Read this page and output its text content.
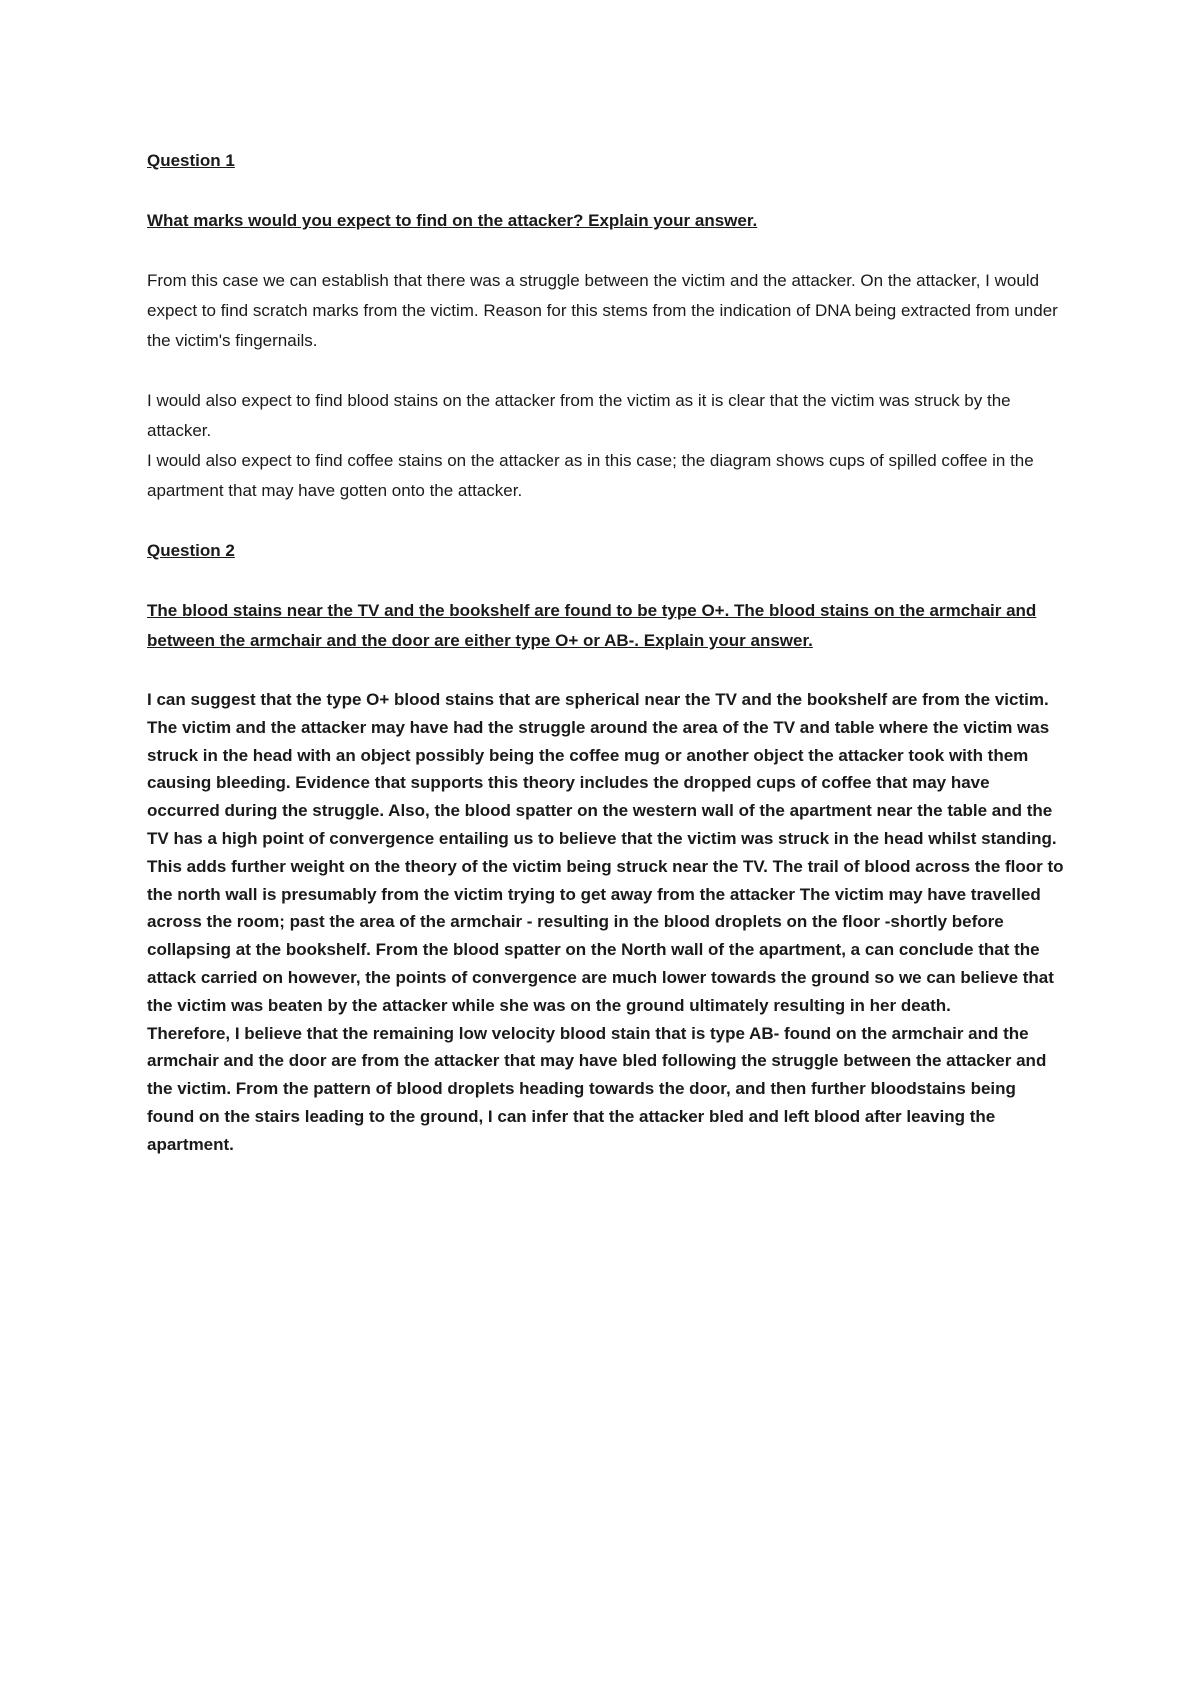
Question 1

What marks would you expect to find on the attacker? Explain your answer.

From this case we can establish that there was a struggle between the victim and the attacker. On the attacker, I would expect to find scratch marks from the victim. Reason for this stems from the indication of DNA being extracted from under the victim's fingernails.

I would also expect to find blood stains on the attacker from the victim as it is clear that the victim was struck by the attacker.

I would also expect to find coffee stains on the attacker as in this case; the diagram shows cups of spilled coffee in the apartment that may have gotten onto the attacker.

Question 2

The blood stains near the TV and the bookshelf are found to be type O+. The blood stains on the armchair and between the armchair and the door are either type O+ or AB-. Explain your answer.

I can suggest that the type O+ blood stains that are spherical near the TV and the bookshelf are from the victim. The victim and the attacker may have had the struggle around the area of the TV and table where the victim was struck in the head with an object possibly being the coffee mug or another object the attacker took with them causing bleeding. Evidence that supports this theory includes the dropped cups of coffee that may have occurred during the struggle. Also, the blood spatter on the western wall of the apartment near the table and the TV has a high point of convergence entailing us to believe that the victim was struck in the head whilst standing. This adds further weight on the theory of the victim being struck near the TV. The trail of blood across the floor to the north wall is presumably from the victim trying to get away from the attacker The victim may have travelled across the room; past the area of the armchair - resulting in the blood droplets on the floor -shortly before collapsing at the bookshelf. From the blood spatter on the North wall of the apartment, a can conclude that the attack carried on however, the points of convergence are much lower towards the ground so we can believe that the victim was beaten by the attacker while she was on the ground ultimately resulting in her death.

Therefore, I believe that the remaining low velocity blood stain that is type AB- found on the armchair and the armchair and the door are from the attacker that may have bled following the struggle between the attacker and the victim. From the pattern of blood droplets heading towards the door, and then further bloodstains being found on the stairs leading to the ground, I can infer that the attacker bled and left blood after leaving the apartment.
